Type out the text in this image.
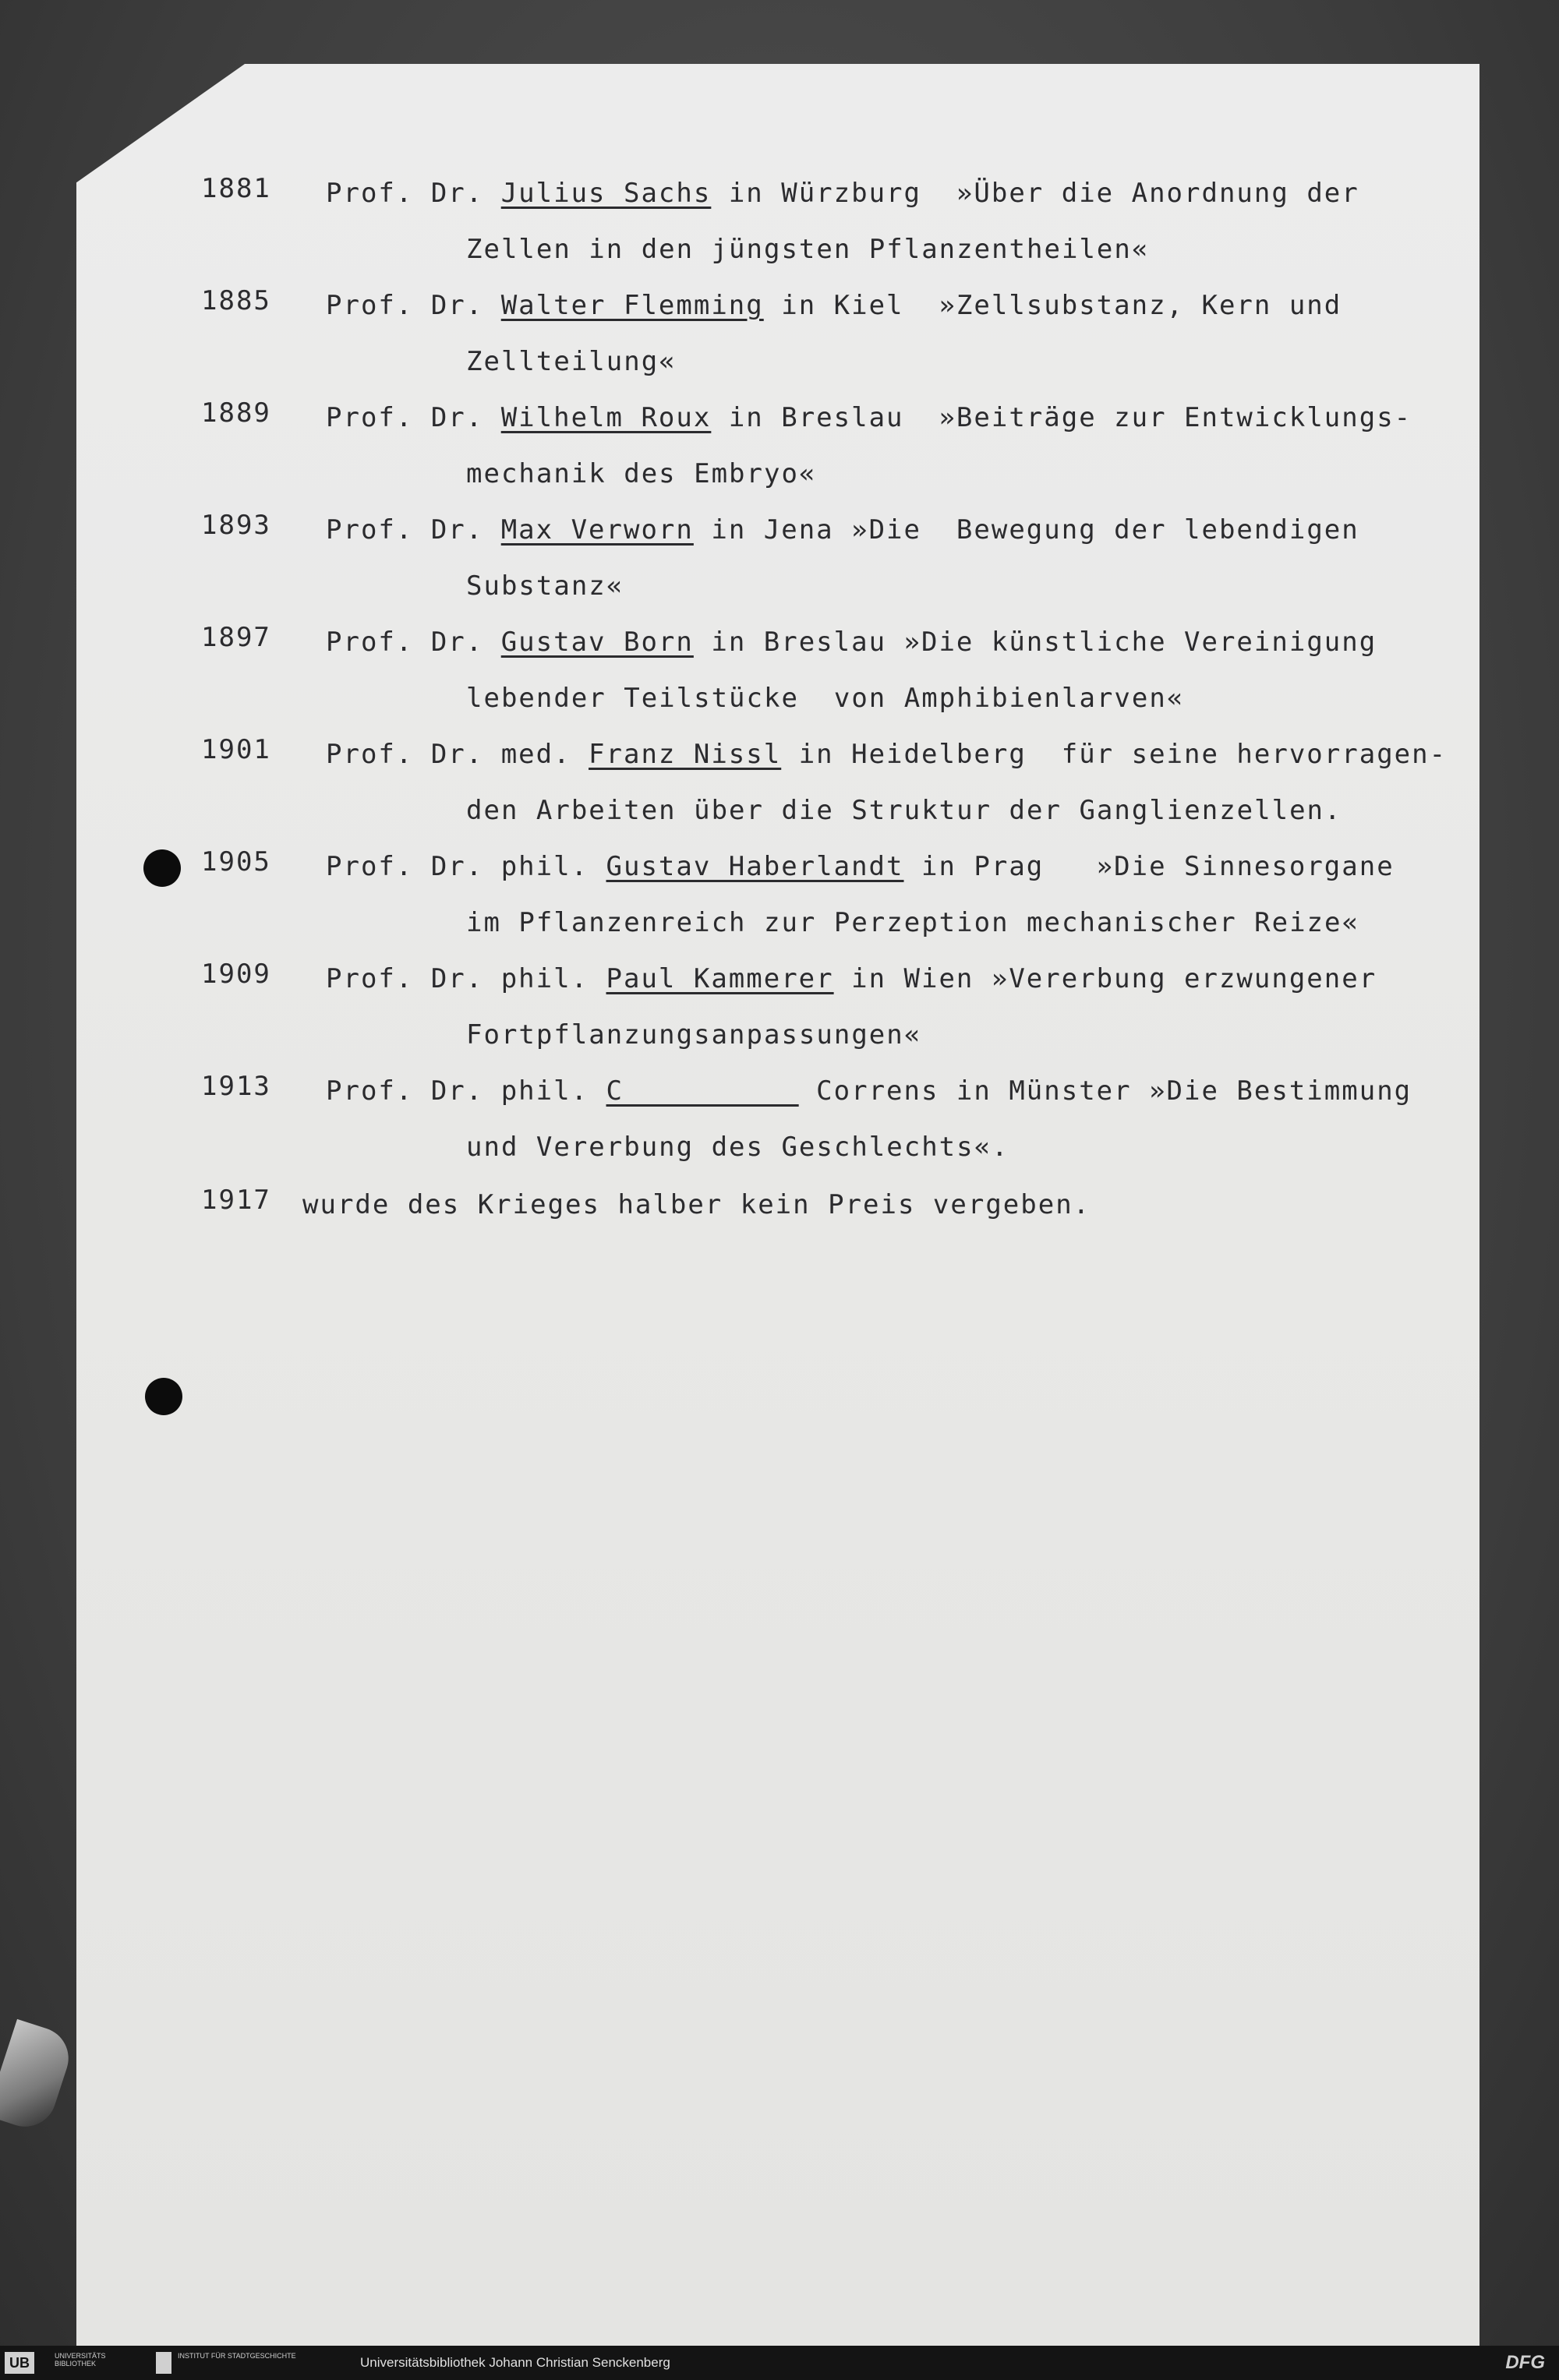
1881 Prof. Dr. Julius Sachs in Würzburg  »Über die Anordnung der
Zellen in den jüngsten Pflanzentheilen«
1885 Prof. Dr. Walter Flemming in Kiel  »Zellsubstanz, Kern und
Zellteilung«
1889 Prof. Dr. Wilhelm Roux in Breslau  »Beiträge zur Entwicklungs-
mechanik des Embryo«
1893 Prof. Dr. Max Verworn in Jena »Die  Bewegung der lebendigen
Substanz«
1897 Prof. Dr. Gustav Born in Breslau »Die künstliche Vereinigung
lebender Teilstücke  von Amphibienlarven«
1901 Prof. Dr. med. Franz Nissl in Heidelberg  für seine hervorragen-
den Arbeiten über die Struktur der Ganglienzellen.
1905 Prof. Dr. phil. Gustav Haberlandt in Prag   »Die Sinnesorgane
im Pflanzenreich zur Perzeption mechanischer Reize«
1909 Prof. Dr. phil. Paul Kammerer in Wien »Vererbung erzwungener
Fortpflanzungsanpassungen«
1913 Prof. Dr. phil. C           Correns in Münster »Die Bestimmung
und Vererbung des Geschlechts«.
1917 wurde des Krieges halber kein Preis vergeben.
UB	UNIVERSITÄTS BIBLIOTHEK
INSTITUT FÜR STADTGESCHICHTE	Universitätsbibliothek Johann Christian Senckenberg	DFG
